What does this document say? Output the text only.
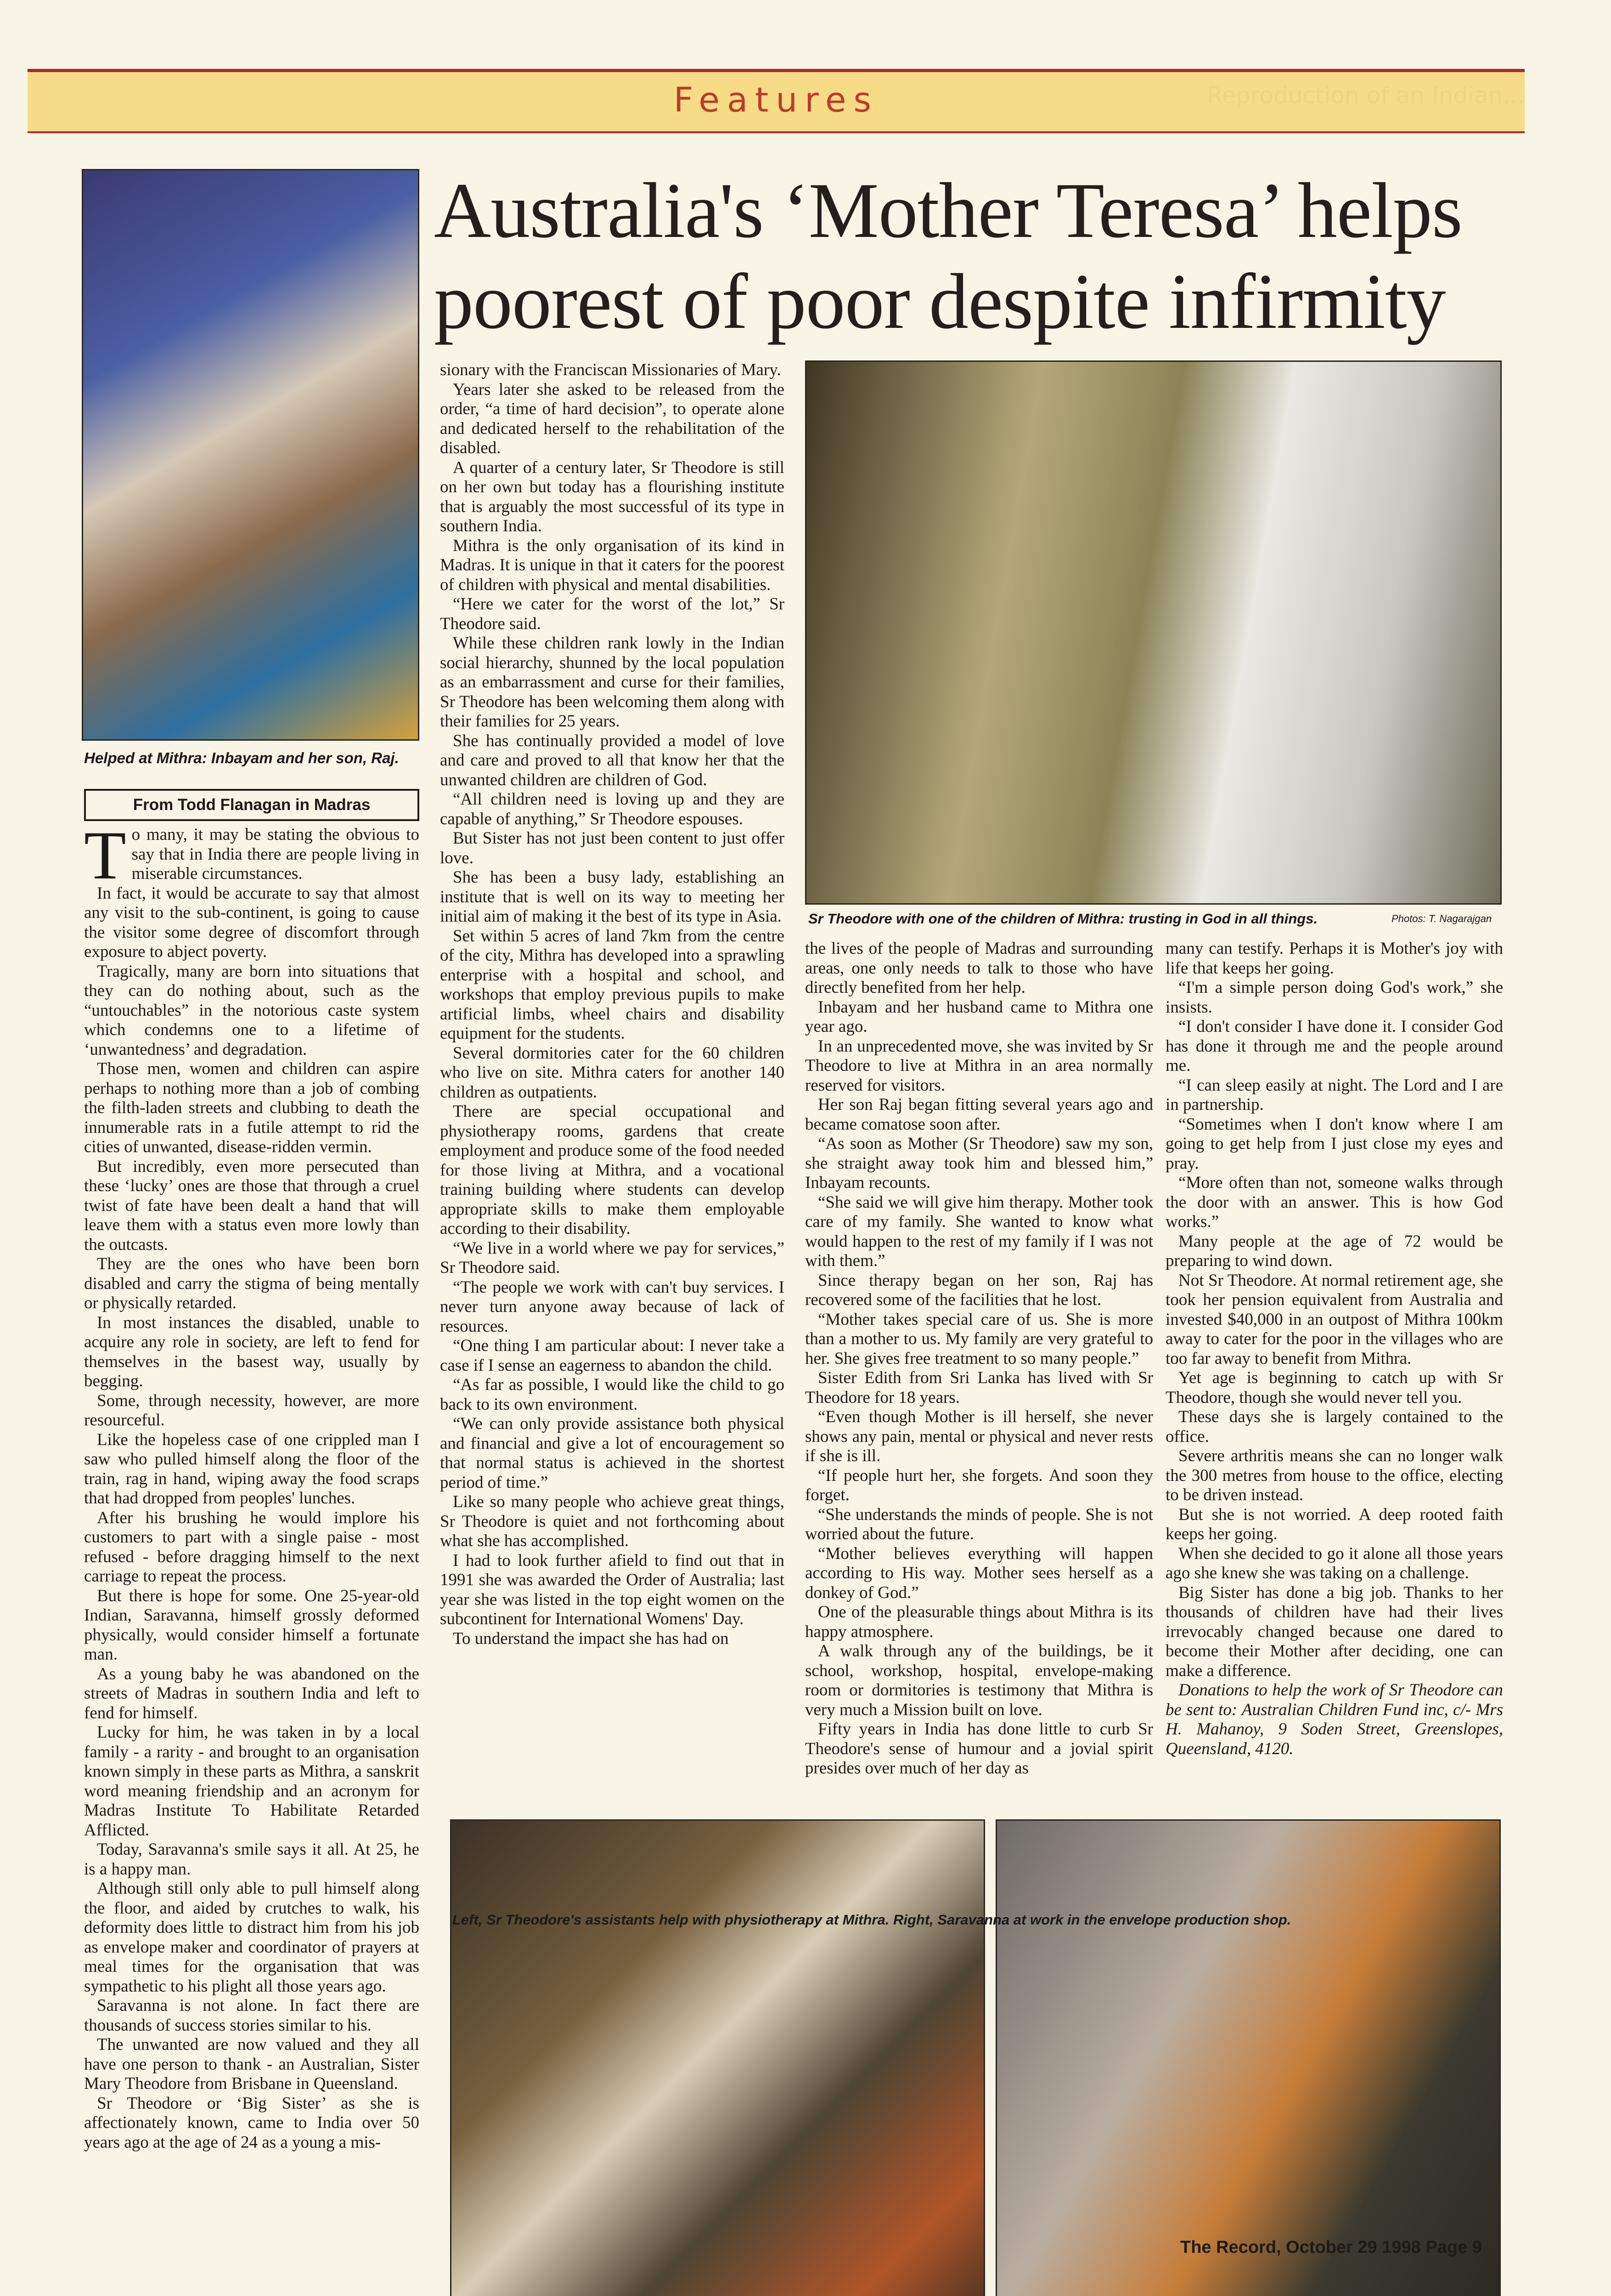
Features	Reproduction of an Indian...
Australia's ‘Mother Teresa’ helps poorest of poor despite infirmity
Helped at Mithra: Inbayam and her son, Raj.
Sr Theodore with one of the children of Mithra: trusting in God in all things.	Photos: T. Nagarajgan
From Todd Flanagan in Madras

To many, it may be stating the obvious to say that in India there are people living in miserable circumstances.

In fact, it would be accurate to say that almost any visit to the sub-continent, is going to cause the visitor some degree of discomfort through exposure to abject poverty.

Tragically, many are born into situations that they can do nothing about, such as the “untouchables” in the notorious caste system which condemns one to a lifetime of ‘unwantedness’ and degradation.

Those men, women and children can aspire perhaps to nothing more than a job of combing the filth-laden streets and clubbing to death the innumerable rats in a futile attempt to rid the cities of unwanted, disease-ridden vermin.

But incredibly, even more persecuted than these ‘lucky’ ones are those that through a cruel twist of fate have been dealt a hand that will leave them with a status even more lowly than the outcasts.

They are the ones who have been born disabled and carry the stigma of being mentally or physically retarded.

In most instances the disabled, unable to acquire any role in society, are left to fend for themselves in the basest way, usually by begging.

Some, through necessity, however, are more resourceful.

Like the hopeless case of one crippled man I saw who pulled himself along the floor of the train, rag in hand, wiping away the food scraps that had dropped from peoples' lunches.

After his brushing he would implore his customers to part with a single paise - most refused - before dragging himself to the next carriage to repeat the process.

But there is hope for some. One 25-year-old Indian, Saravanna, himself grossly deformed physically, would consider himself a fortunate man.

As a young baby he was abandoned on the streets of Madras in southern India and left to fend for himself.

Lucky for him, he was taken in by a local family - a rarity - and brought to an organisation known simply in these parts as Mithra, a sanskrit word meaning friendship and an acronym for Madras Institute To Habilitate Retarded Afflicted.

Today, Saravanna's smile says it all. At 25, he is a happy man.

Although still only able to pull himself along the floor, and aided by crutches to walk, his deformity does little to distract him from his job as envelope maker and coordinator of prayers at meal times for the organisation that was sympathetic to his plight all those years ago.

Saravanna is not alone. In fact there are thousands of success stories similar to his.

The unwanted are now valued and they all have one person to thank - an Australian, Sister Mary Theodore from Brisbane in Queensland.

Sr Theodore or ‘Big Sister’ as she is affectionately known, came to India over 50 years ago at the age of 24 as a young a mis-

sionary with the Franciscan Missionaries of Mary.

Years later she asked to be released from the order, “a time of hard decision”, to operate alone and dedicated herself to the rehabilitation of the disabled.

A quarter of a century later, Sr Theodore is still on her own but today has a flourishing institute that is arguably the most successful of its type in southern India.

Mithra is the only organisation of its kind in Madras. It is unique in that it caters for the poorest of children with physical and mental disabilities.

“Here we cater for the worst of the lot,” Sr Theodore said.

While these children rank lowly in the Indian social hierarchy, shunned by the local population as an embarrassment and curse for their families, Sr Theodore has been welcoming them along with their families for 25 years.

She has continually provided a model of love and care and proved to all that know her that the unwanted children are children of God.

“All children need is loving up and they are capable of anything,” Sr Theodore espouses.

But Sister has not just been content to just offer love.

She has been a busy lady, establishing an institute that is well on its way to meeting her initial aim of making it the best of its type in Asia.

Set within 5 acres of land 7km from the centre of the city, Mithra has developed into a sprawling enterprise with a hospital and school, and workshops that employ previous pupils to make artificial limbs, wheel chairs and disability equipment for the students.

Several dormitories cater for the 60 children who live on site. Mithra caters for another 140 children as outpatients.

There are special occupational and physiotherapy rooms, gardens that create employment and produce some of the food needed for those living at Mithra, and a vocational training building where students can develop appropriate skills to make them employable according to their disability.

“We live in a world where we pay for services,” Sr Theodore said.

“The people we work with can't buy services. I never turn anyone away because of lack of resources.

“One thing I am particular about: I never take a case if I sense an eagerness to abandon the child.

“As far as possible, I would like the child to go back to its own environment.

“We can only provide assistance both physical and financial and give a lot of encouragement so that normal status is achieved in the shortest period of time.”

Like so many people who achieve great things, Sr Theodore is quiet and not forthcoming about what she has accomplished.

I had to look further afield to find out that in 1991 she was awarded the Order of Australia; last year she was listed in the top eight women on the subcontinent for International Womens' Day.

To understand the impact she has had on

the lives of the people of Madras and surrounding areas, one only needs to talk to those who have directly benefited from her help.

Inbayam and her husband came to Mithra one year ago.

In an unprecedented move, she was invited by Sr Theodore to live at Mithra in an area normally reserved for visitors.

Her son Raj began fitting several years ago and became comatose soon after.

“As soon as Mother (Sr Theodore) saw my son, she straight away took him and blessed him,” Inbayam recounts.

“She said we will give him therapy. Mother took care of my family. She wanted to know what would happen to the rest of my family if I was not with them.”

Since therapy began on her son, Raj has recovered some of the facilities that he lost.

“Mother takes special care of us. She is more than a mother to us. My family are very grateful to her. She gives free treatment to so many people.”

Sister Edith from Sri Lanka has lived with Sr Theodore for 18 years.

“Even though Mother is ill herself, she never shows any pain, mental or physical and never rests if she is ill.

“If people hurt her, she forgets. And soon they forget.

“She understands the minds of people. She is not worried about the future.

“Mother believes everything will happen according to His way. Mother sees herself as a donkey of God.”

One of the pleasurable things about Mithra is its happy atmosphere.

A walk through any of the buildings, be it school, workshop, hospital, envelope-making room or dormitories is testimony that Mithra is very much a Mission built on love.

Fifty years in India has done little to curb Sr Theodore's sense of humour and a jovial spirit presides over much of her day as

many can testify. Perhaps it is Mother's joy with life that keeps her going.

“I'm a simple person doing God's work,” she insists.

“I don't consider I have done it. I consider God has done it through me and the people around me.

“I can sleep easily at night. The Lord and I are in partnership.

“Sometimes when I don't know where I am going to get help from I just close my eyes and pray.

“More often than not, someone walks through the door with an answer. This is how God works.”

Many people at the age of 72 would be preparing to wind down.

Not Sr Theodore. At normal retirement age, she took her pension equivalent from Australia and invested $40,000 in an outpost of Mithra 100km away to cater for the poor in the villages who are too far away to benefit from Mithra.

Yet age is beginning to catch up with Sr Theodore, though she would never tell you.

These days she is largely contained to the office.

Severe arthritis means she can no longer walk the 300 metres from house to the office, electing to be driven instead.

But she is not worried. A deep rooted faith keeps her going.

When she decided to go it alone all those years ago she knew she was taking on a challenge.

Big Sister has done a big job. Thanks to her thousands of children have had their lives irrevocably changed because one dared to become their Mother after deciding, one can make a difference.

Donations to help the work of Sr Theodore can be sent to: Australian Children Fund inc, c/- Mrs H. Mahanoy, 9 Soden Street, Greenslopes, Queensland, 4120.

Left, Sr Theodore's assistants help with physiotherapy at Mithra. Right, Saravanna at work in the envelope production shop.
The Record, October 29 1998 Page 9
